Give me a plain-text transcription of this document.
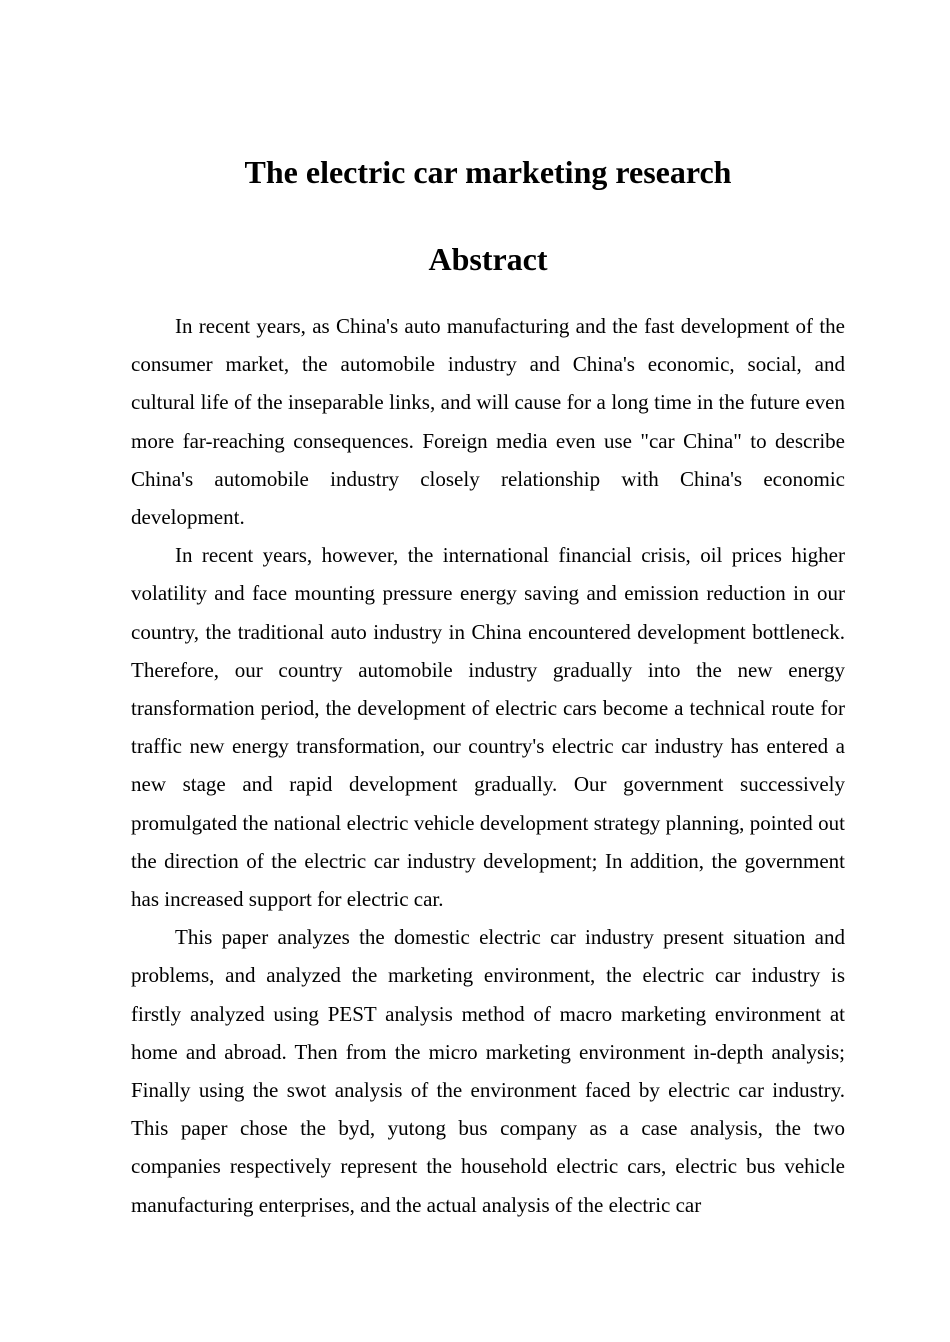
The electric car marketing research
Abstract

In recent years, as China's auto manufacturing and the fast development of the consumer market, the automobile industry and China's economic, social, and cultural life of the inseparable links, and will cause for a long time in the future even more far-reaching consequences. Foreign media even use "car China" to describe China's automobile industry closely relationship with China's economic development.

In recent years, however, the international financial crisis, oil prices higher volatility and face mounting pressure energy saving and emission reduction in our country, the traditional auto industry in China encountered development bottleneck. Therefore, our country automobile industry gradually into the new energy transformation period, the development of electric cars become a technical route for traffic new energy transformation, our country's electric car industry has entered a new stage and rapid development gradually. Our government successively promulgated the national electric vehicle development strategy planning, pointed out the direction of the electric car industry development; In addition, the government has increased support for electric car.

This paper analyzes the domestic electric car industry present situation and problems, and analyzed the marketing environment, the electric car industry is firstly analyzed using PEST analysis method of macro marketing environment at home and abroad. Then from the micro marketing environment in-depth analysis; Finally using the swot analysis of the environment faced by electric car industry. This paper chose the byd, yutong bus company as a case analysis, the two companies respectively represent the household electric cars, electric bus vehicle manufacturing enterprises, and the actual analysis of the electric car
